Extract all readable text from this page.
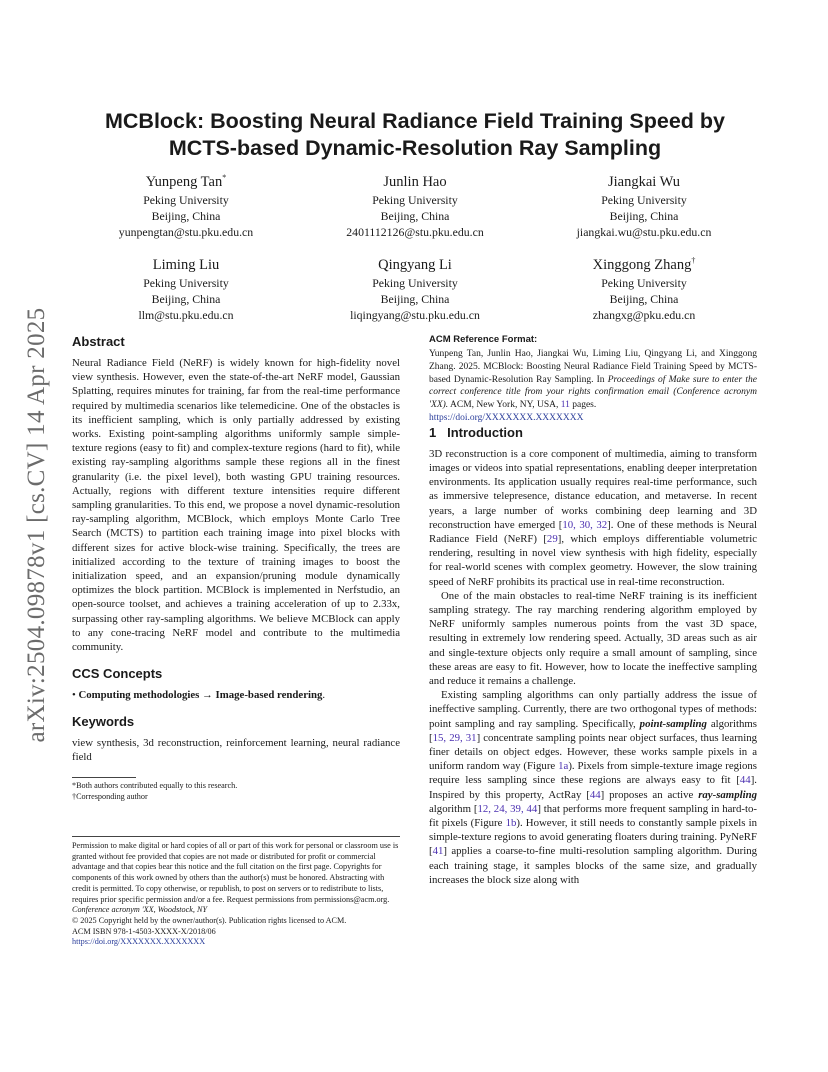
arXiv:2504.09878v1 [cs.CV] 14 Apr 2025
MCBlock: Boosting Neural Radiance Field Training Speed by MCTS-based Dynamic-Resolution Ray Sampling
Yunpeng Tan*
Peking University
Beijing, China
yunpengtan@stu.pku.edu.cn
Junlin Hao
Peking University
Beijing, China
2401112126@stu.pku.edu.cn
Jiangkai Wu
Peking University
Beijing, China
jiangkai.wu@stu.pku.edu.cn
Liming Liu
Peking University
Beijing, China
llm@stu.pku.edu.cn
Qingyang Li
Peking University
Beijing, China
liqingyang@stu.pku.edu.cn
Xinggong Zhang†
Peking University
Beijing, China
zhangxg@pku.edu.cn
Abstract

Neural Radiance Field (NeRF) is widely known for high-fidelity novel view synthesis. However, even the state-of-the-art NeRF model, Gaussian Splatting, requires minutes for training, far from the real-time performance required by multimedia scenarios like telemedicine. One of the obstacles is its inefficient sampling, which is only partially addressed by existing works. Existing point-sampling algorithms uniformly sample simple-texture regions (easy to fit) and complex-texture regions (hard to fit), while existing ray-sampling algorithms sample these regions all in the finest granularity (i.e. the pixel level), both wasting GPU training resources. Actually, regions with different texture intensities require different sampling granularities. To this end, we propose a novel dynamic-resolution ray-sampling algorithm, MCBlock, which employs Monte Carlo Tree Search (MCTS) to partition each training image into pixel blocks with different sizes for active block-wise training. Specifically, the trees are initialized according to the texture of training images to boost the initialization speed, and an expansion/pruning module dynamically optimizes the block partition. MCBlock is implemented in Nerfstudio, an open-source toolset, and achieves a training acceleration of up to 2.33x, surpassing other ray-sampling algorithms. We believe MCBlock can apply to any cone-tracing NeRF model and contribute to the multimedia community.

CCS Concepts

• Computing methodologies → Image-based rendering.

Keywords

view synthesis, 3d reconstruction, reinforcement learning, neural radiance field

*Both authors contributed equally to this research.

†Corresponding author

Permission to make digital or hard copies of all or part of this work for personal or classroom use is granted without fee provided that copies are not made or distributed for profit or commercial advantage and that copies bear this notice and the full citation on the first page. Copyrights for components of this work owned by others than the author(s) must be honored. Abstracting with credit is permitted. To copy otherwise, or republish, to post on servers or to redistribute to lists, requires prior specific permission and/or a fee. Request permissions from permissions@acm.org.

Conference acronym 'XX, Woodstock, NY

© 2025 Copyright held by the owner/author(s). Publication rights licensed to ACM.

ACM ISBN 978-1-4503-XXXX-X/2018/06

https://doi.org/XXXXXXX.XXXXXXX

ACM Reference Format:

Yunpeng Tan, Junlin Hao, Jiangkai Wu, Liming Liu, Qingyang Li, and Xinggong Zhang. 2025. MCBlock: Boosting Neural Radiance Field Training Speed by MCTS-based Dynamic-Resolution Ray Sampling. In Proceedings of Make sure to enter the correct conference title from your rights confirmation email (Conference acronym 'XX). ACM, New York, NY, USA, 11 pages.

https://doi.org/XXXXXXX.XXXXXXX

1 Introduction

3D reconstruction is a core component of multimedia, aiming to transform images or videos into spatial representations, enabling deeper interpretation environments. Its application usually requires real-time performance, such as immersive telepresence, distance education, and metaverse. In recent years, a large number of works combining deep learning and 3D reconstruction have emerged [10, 30, 32]. One of these methods is Neural Radiance Field (NeRF) [29], which employs differentiable volumetric rendering, resulting in novel view synthesis with high fidelity, especially for real-world scenes with complex geometry. However, the slow training speed of NeRF prohibits its practical use in real-time reconstruction.

One of the main obstacles to real-time NeRF training is its inefficient sampling strategy. The ray marching rendering algorithm employed by NeRF uniformly samples numerous points from the vast 3D space, resulting in extremely low rendering speed. Actually, 3D areas such as air and single-texture objects only require a small amount of sampling, since these areas are easy to fit. However, how to locate the ineffective sampling and reduce it remains a challenge.

Existing sampling algorithms can only partially address the issue of ineffective sampling. Currently, there are two orthogonal types of methods: point sampling and ray sampling. Specifically, point-sampling algorithms [15, 29, 31] concentrate sampling points near object surfaces, thus learning finer details on object edges. However, these works sample pixels in a uniform random way (Figure 1a). Pixels from simple-texture image regions require less sampling since these regions are always easy to fit [44]. Inspired by this property, ActRay [44] proposes an active ray-sampling algorithm [12, 24, 39, 44] that performs more frequent sampling in hard-to-fit pixels (Figure 1b). However, it still needs to constantly sample pixels in simple-texture regions to avoid generating floaters during training. PyNeRF [41] applies a coarse-to-fine multi-resolution sampling algorithm. During each training stage, it samples blocks of the same size, and gradually increases the block size along with
